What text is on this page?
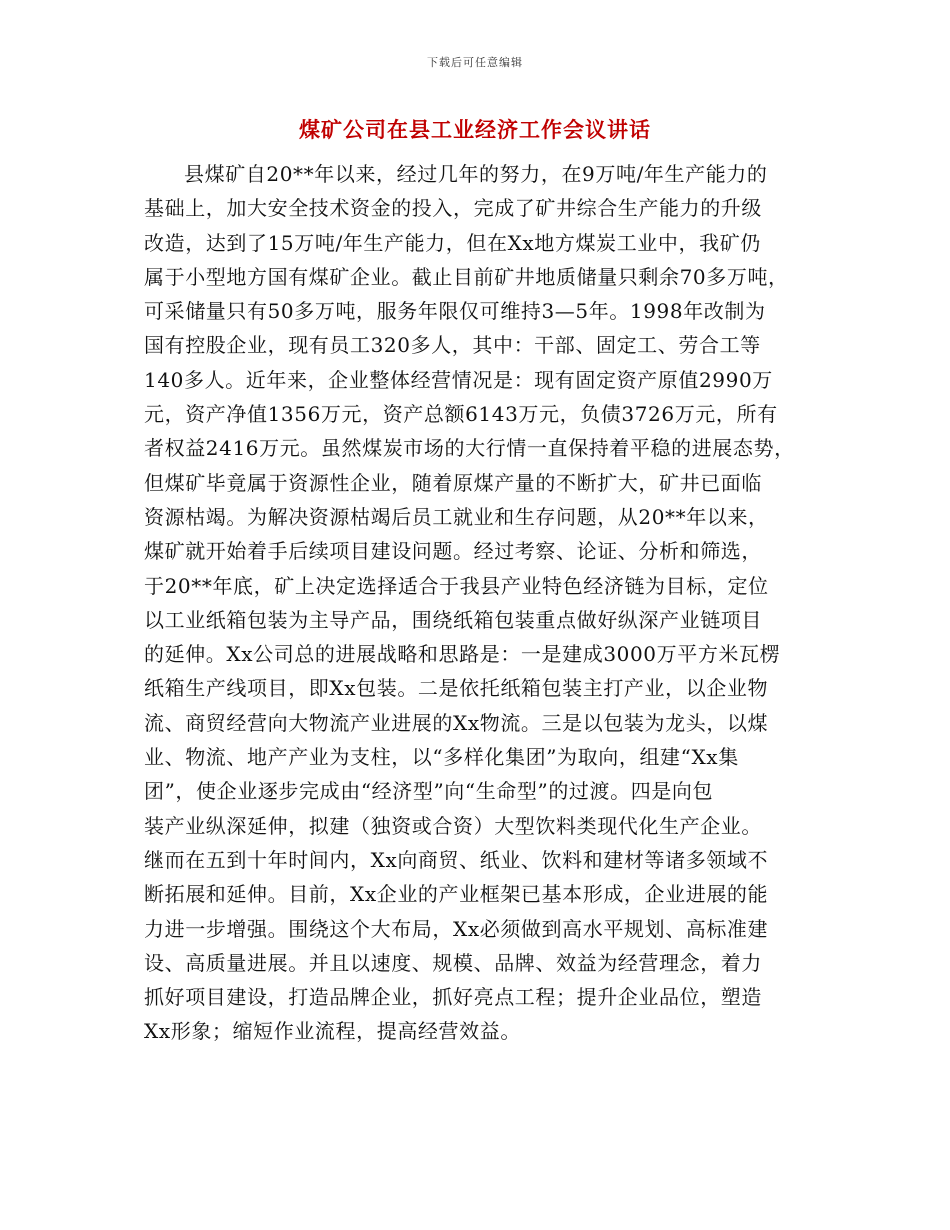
下载后可任意编辑
煤矿公司在县工业经济工作会议讲话
县煤矿自20**年以来，经过几年的努力，在9万吨/年生产能力的
基础上，加大安全技术资金的投入，完成了矿井综合生产能力的升级
改造，达到了15万吨/年生产能力，但在Xx地方煤炭工业中，我矿仍
属于小型地方国有煤矿企业。截止目前矿井地质储量只剩余70多万吨，
可采储量只有50多万吨，服务年限仅可维持3—5年。1998年改制为
国有控股企业，现有员工320多人，其中：干部、固定工、劳合工等
140多人。近年来，企业整体经营情况是：现有固定资产原值2990万
元，资产净值1356万元，资产总额6143万元，负债3726万元，所有
者权益2416万元。虽然煤炭市场的大行情一直保持着平稳的进展态势，
但煤矿毕竟属于资源性企业，随着原煤产量的不断扩大，矿井已面临
资源枯竭。为解决资源枯竭后员工就业和生存问题，从20**年以来，
煤矿就开始着手后续项目建设问题。经过考察、论证、分析和筛选，
于20**年底，矿上决定选择适合于我县产业特色经济链为目标，定位
以工业纸箱包装为主导产品，围绕纸箱包装重点做好纵深产业链项目
的延伸。Xx公司总的进展战略和思路是：一是建成3000万平方米瓦楞
纸箱生产线项目，即Xx包装。二是依托纸箱包装主打产业，以企业物
流、商贸经营向大物流产业进展的Xx物流。三是以包装为龙头，以煤
业、物流、地产产业为支柱，以“多样化集团”为取向，组建“Xx集
团”，使企业逐步完成由“经济型”向“生命型”的过渡。四是向包
装产业纵深延伸，拟建（独资或合资）大型饮料类现代化生产企业。
继而在五到十年时间内，Xx向商贸、纸业、饮料和建材等诸多领域不
断拓展和延伸。目前，Xx企业的产业框架已基本形成，企业进展的能
力进一步增强。围绕这个大布局，Xx必须做到高水平规划、高标准建
设、高质量进展。并且以速度、规模、品牌、效益为经营理念，着力
抓好项目建设，打造品牌企业，抓好亮点工程；提升企业品位，塑造
Xx形象；缩短作业流程，提高经营效益。
